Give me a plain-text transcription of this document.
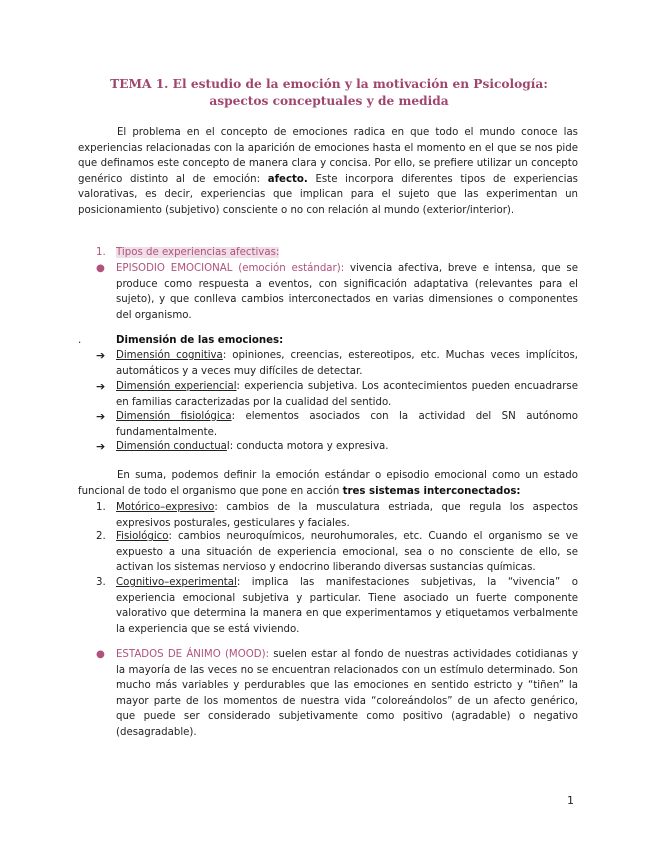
TEMA 1. El estudio de la emoción y la motivación en Psicología: aspectos conceptuales y de medida

El problema en el concepto de emociones radica en que todo el mundo conoce las experiencias relacionadas con la aparición de emociones hasta el momento en el que se nos pide que definamos este concepto de manera clara y concisa. Por ello, se prefiere utilizar un concepto genérico distinto al de emoción: afecto. Este incorpora diferentes tipos de experiencias valorativas, es decir, experiencias que implican para el sujeto que las experimentan un posicionamiento (subjetivo) consciente o no con relación al mundo (exterior/interior).

1. Tipos de experiencias afectivas:
● EPISODIO EMOCIONAL (emoción estándar): vivencia afectiva, breve e intensa, que se produce como respuesta a eventos, con significación adaptativa (relevantes para el sujeto), y que conlleva cambios interconectados en varias dimensiones o componentes del organismo.
.	Dimensión de las emociones:
➔ Dimensión cognitiva: opiniones, creencias, estereotipos, etc. Muchas veces implícitos, automáticos y a veces muy difíciles de detectar.
➔ Dimensión experiencial: experiencia subjetiva. Los acontecimientos pueden encuadrarse en familias caracterizadas por la cualidad del sentido.
➔ Dimensión fisiológica: elementos asociados con la actividad del SN autónomo fundamentalmente.
➔ Dimensión conductual: conducta motora y expresiva.

En suma, podemos definir la emoción estándar o episodio emocional como un estado funcional de todo el organismo que pone en acción tres sistemas interconectados:

1. Motórico–expresivo: cambios de la musculatura estriada, que regula los aspectos expresivos posturales, gesticulares y faciales.
2. Fisiológico: cambios neuroquímicos, neurohumorales, etc. Cuando el organismo se ve expuesto a una situación de experiencia emocional, sea o no consciente de ello, se activan los sistemas nervioso y endocrino liberando diversas sustancias químicas.
3. Cognitivo–experimental: implica las manifestaciones subjetivas, la “vivencia” o experiencia emocional subjetiva y particular. Tiene asociado un fuerte componente valorativo que determina la manera en que experimentamos y etiquetamos verbalmente la experiencia que se está viviendo.
● ESTADOS DE ÁNIMO (MOOD): suelen estar al fondo de nuestras actividades cotidianas y la mayoría de las veces no se encuentran relacionados con un estímulo determinado. Son mucho más variables y perdurables que las emociones en sentido estricto y “tiñen” la mayor parte de los momentos de nuestra vida “coloreándolos” de un afecto genérico, que puede ser considerado subjetivamente como positivo (agradable) o negativo (desagradable).
1
